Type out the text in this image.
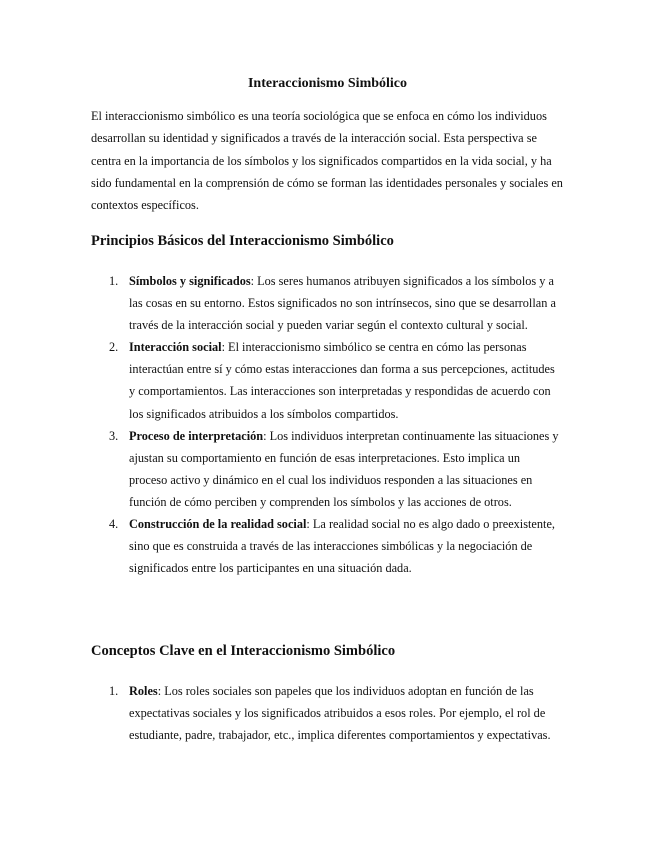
Interaccionismo Simbólico

El interaccionismo simbólico es una teoría sociológica que se enfoca en cómo los individuos desarrollan su identidad y significados a través de la interacción social. Esta perspectiva se centra en la importancia de los símbolos y los significados compartidos en la vida social, y ha sido fundamental en la comprensión de cómo se forman las identidades personales y sociales en contextos específicos.

Principios Básicos del Interaccionismo Simbólico
1. Símbolos y significados: Los seres humanos atribuyen significados a los símbolos y a las cosas en su entorno. Estos significados no son intrínsecos, sino que se desarrollan a través de la interacción social y pueden variar según el contexto cultural y social.
2. Interacción social: El interaccionismo simbólico se centra en cómo las personas interactúan entre sí y cómo estas interacciones dan forma a sus percepciones, actitudes y comportamientos. Las interacciones son interpretadas y respondidas de acuerdo con los significados atribuidos a los símbolos compartidos.
3. Proceso de interpretación: Los individuos interpretan continuamente las situaciones y ajustan su comportamiento en función de esas interpretaciones. Esto implica un proceso activo y dinámico en el cual los individuos responden a las situaciones en función de cómo perciben y comprenden los símbolos y las acciones de otros.
4. Construcción de la realidad social: La realidad social no es algo dado o preexistente, sino que es construida a través de las interacciones simbólicas y la negociación de significados entre los participantes en una situación dada.
Conceptos Clave en el Interaccionismo Simbólico
1. Roles: Los roles sociales son papeles que los individuos adoptan en función de las expectativas sociales y los significados atribuidos a esos roles. Por ejemplo, el rol de estudiante, padre, trabajador, etc., implica diferentes comportamientos y expectativas.
